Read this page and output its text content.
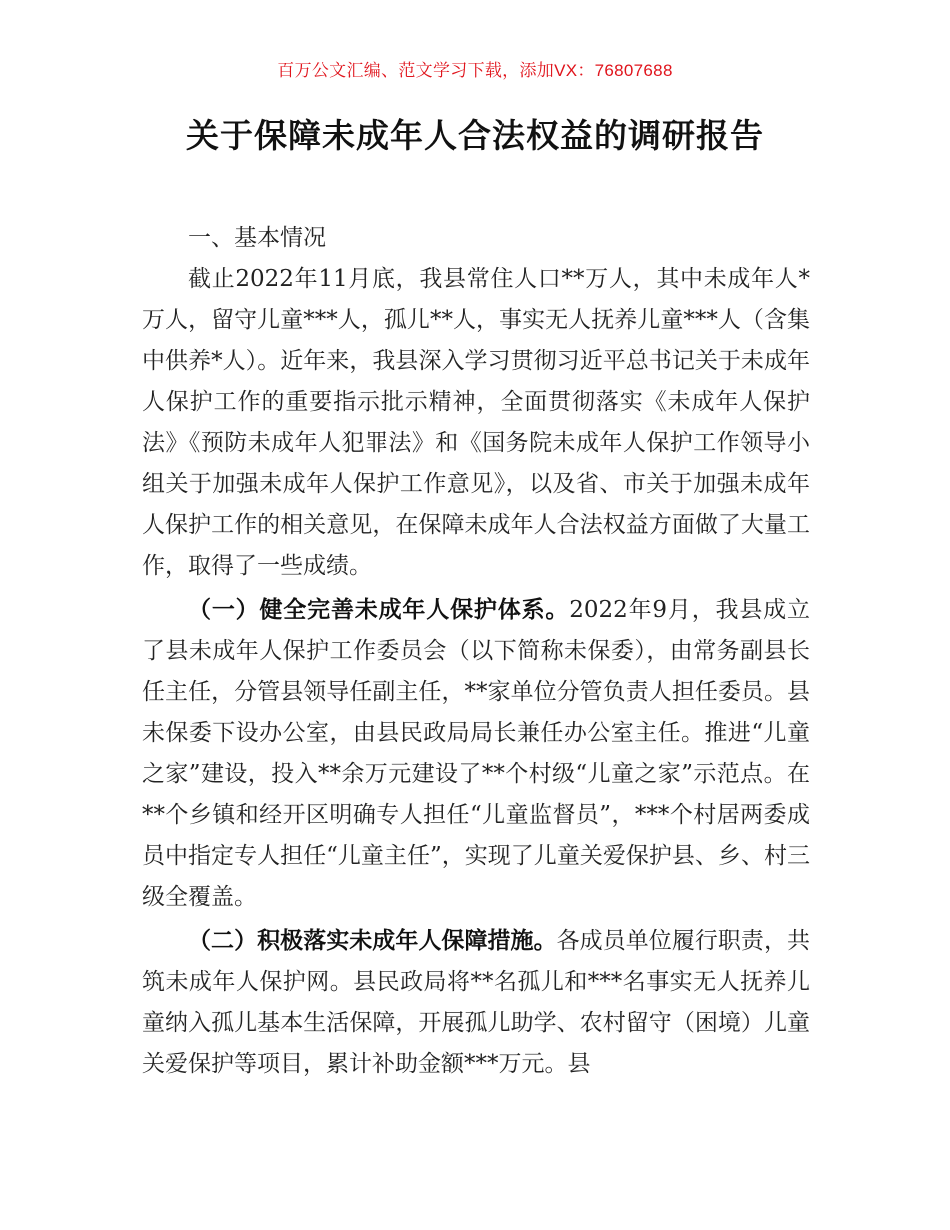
百万公文汇编、范文学习下载，添加VX：76807688
关于保障未成年人合法权益的调研报告

一、基本情况

截止2022年11月底，我县常住人口**万人，其中未成年人*万人，留守儿童***人，孤儿**人，事实无人抚养儿童***人（含集中供养*人）。近年来，我县深入学习贯彻习近平总书记关于未成年人保护工作的重要指示批示精神，全面贯彻落实《未成年人保护法》《预防未成年人犯罪法》和《国务院未成年人保护工作领导小组关于加强未成年人保护工作意见》，以及省、市关于加强未成年人保护工作的相关意见，在保障未成年人合法权益方面做了大量工作，取得了一些成绩。

（一）健全完善未成年人保护体系。2022年9月，我县成立了县未成年人保护工作委员会（以下简称未保委），由常务副县长任主任，分管县领导任副主任，**家单位分管负责人担任委员。县未保委下设办公室，由县民政局局长兼任办公室主任。推进“儿童之家”建设，投入**余万元建设了**个村级“儿童之家”示范点。在**个乡镇和经开区明确专人担任“儿童监督员”，***个村居两委成员中指定专人担任“儿童主任”，实现了儿童关爱保护县、乡、村三级全覆盖。

（二）积极落实未成年人保障措施。各成员单位履行职责，共筑未成年人保护网。县民政局将**名孤儿和***名事实无人抚养儿童纳入孤儿基本生活保障，开展孤儿助学、农村留守（困境）儿童关爱保护等项目，累计补助金额***万元。县
